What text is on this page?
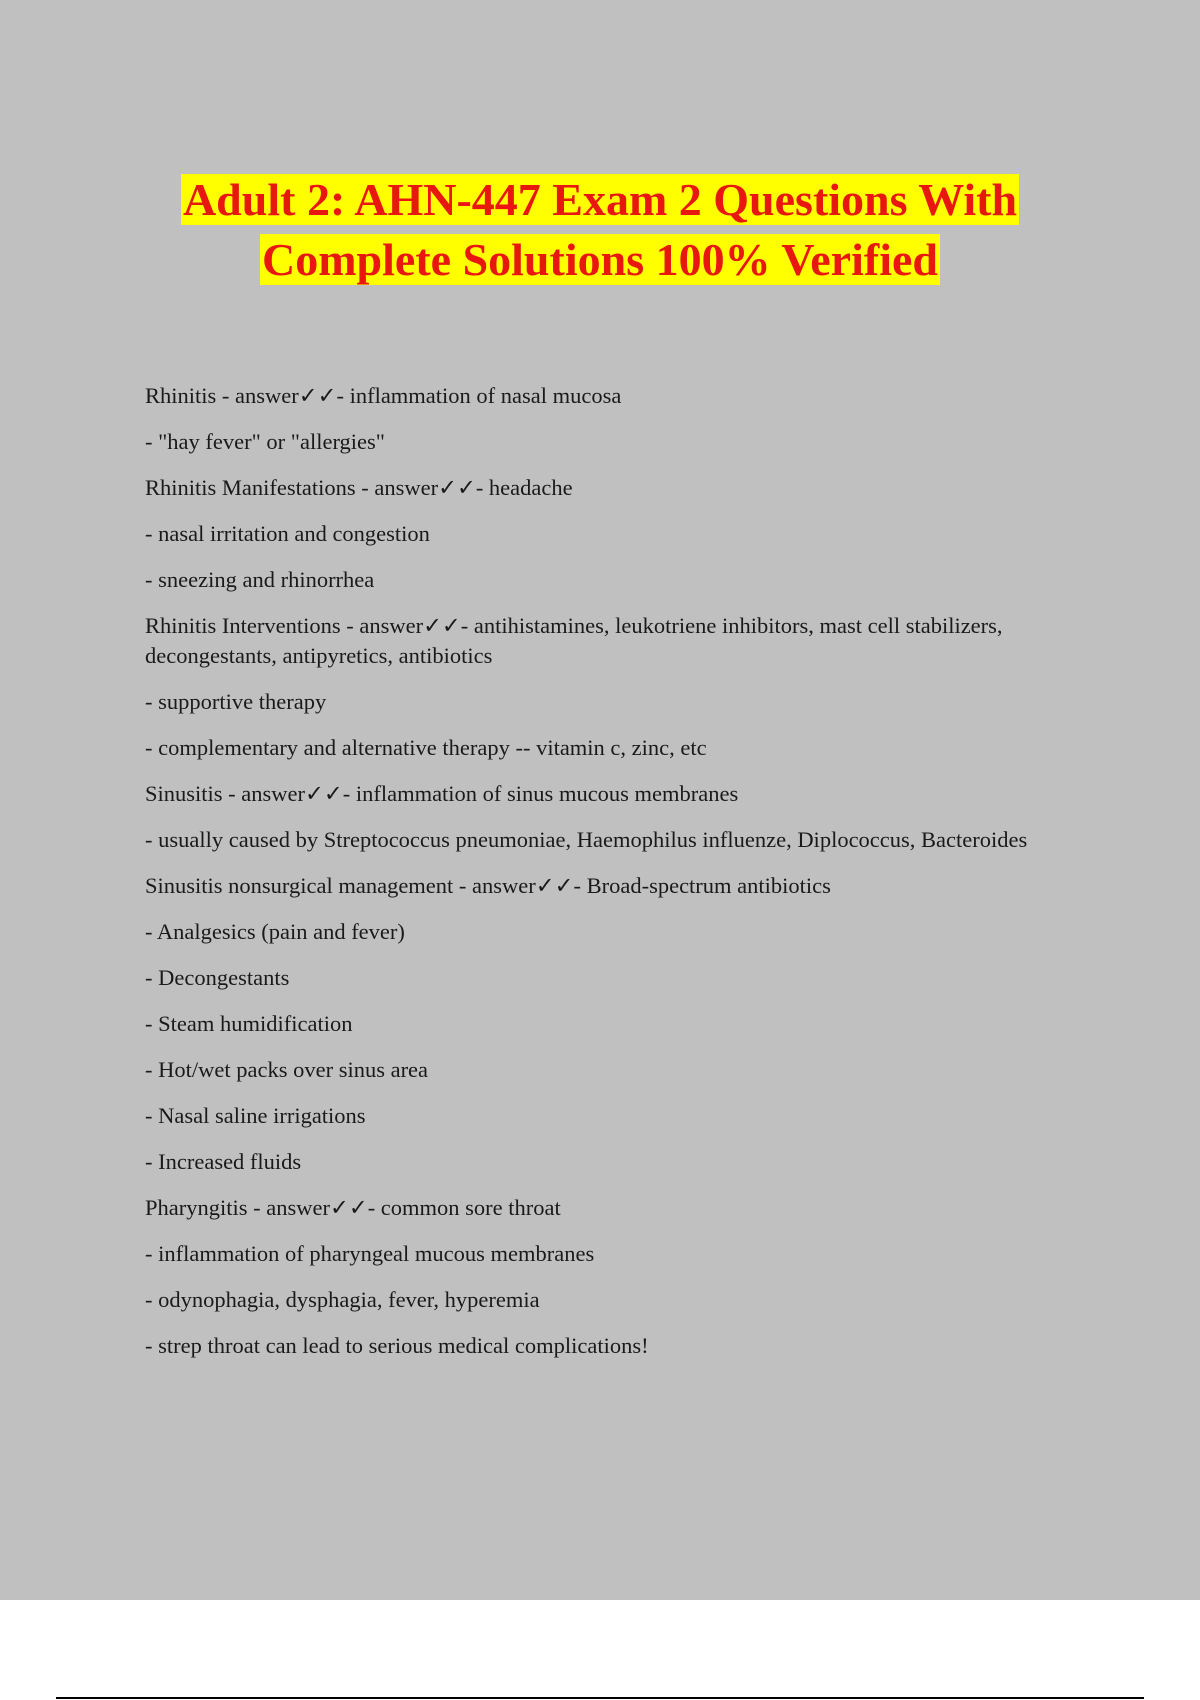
Adult 2: AHN-447 Exam 2 Questions With
Complete Solutions 100% Verified

Rhinitis - answer✓✓- inflammation of nasal mucosa

- "hay fever" or "allergies"

Rhinitis Manifestations - answer✓✓- headache

- nasal irritation and congestion

- sneezing and rhinorrhea

Rhinitis Interventions - answer✓✓- antihistamines, leukotriene inhibitors, mast cell stabilizers, decongestants, antipyretics, antibiotics

- supportive therapy

- complementary and alternative therapy -- vitamin c, zinc, etc

Sinusitis - answer✓✓- inflammation of sinus mucous membranes

- usually caused by Streptococcus pneumoniae, Haemophilus influenze, Diplococcus, Bacteroides

Sinusitis nonsurgical management - answer✓✓- Broad-spectrum antibiotics

- Analgesics (pain and fever)

- Decongestants

- Steam humidification

- Hot/wet packs over sinus area

- Nasal saline irrigations

- Increased fluids

Pharyngitis - answer✓✓- common sore throat

- inflammation of pharyngeal mucous membranes

- odynophagia, dysphagia, fever, hyperemia

- strep throat can lead to serious medical complications!
